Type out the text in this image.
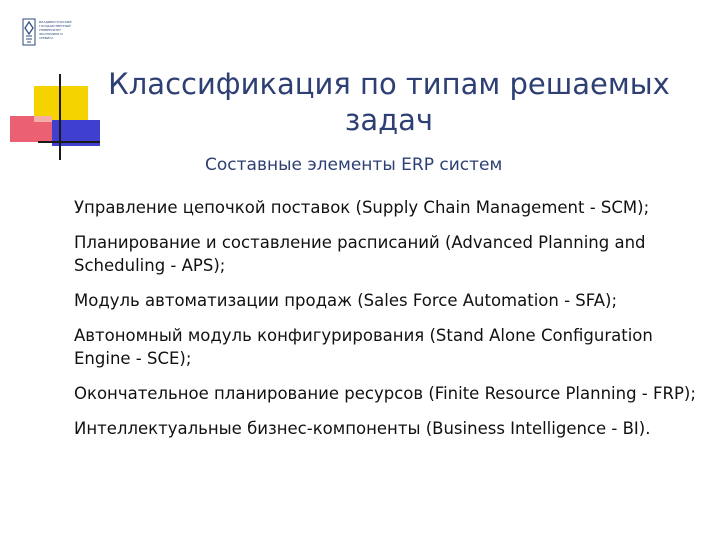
ВЛАДИВОСТОКСКИЙ
ГОСУДАРСТВЕННЫЙ
УНИВЕРСИТЕТ
ЭКОНОМИКИ И
СЕРВИСА
Классификация по типам решаемых задач
Составные элементы ERP систем
Управление цепочкой поставок (Supply Chain Management - SCM);
Планирование и составление расписаний (Advanced Planning and Scheduling - APS);
Модуль автоматизации продаж (Sales Force Automation - SFA);
Автономный модуль конфигурирования (Stand Alone Configuration Engine - SCE);
Окончательное планирование ресурсов (Finite Resource Planning - FRP);
Интеллектуальные бизнес-компоненты (Business Intelligence - BI).
